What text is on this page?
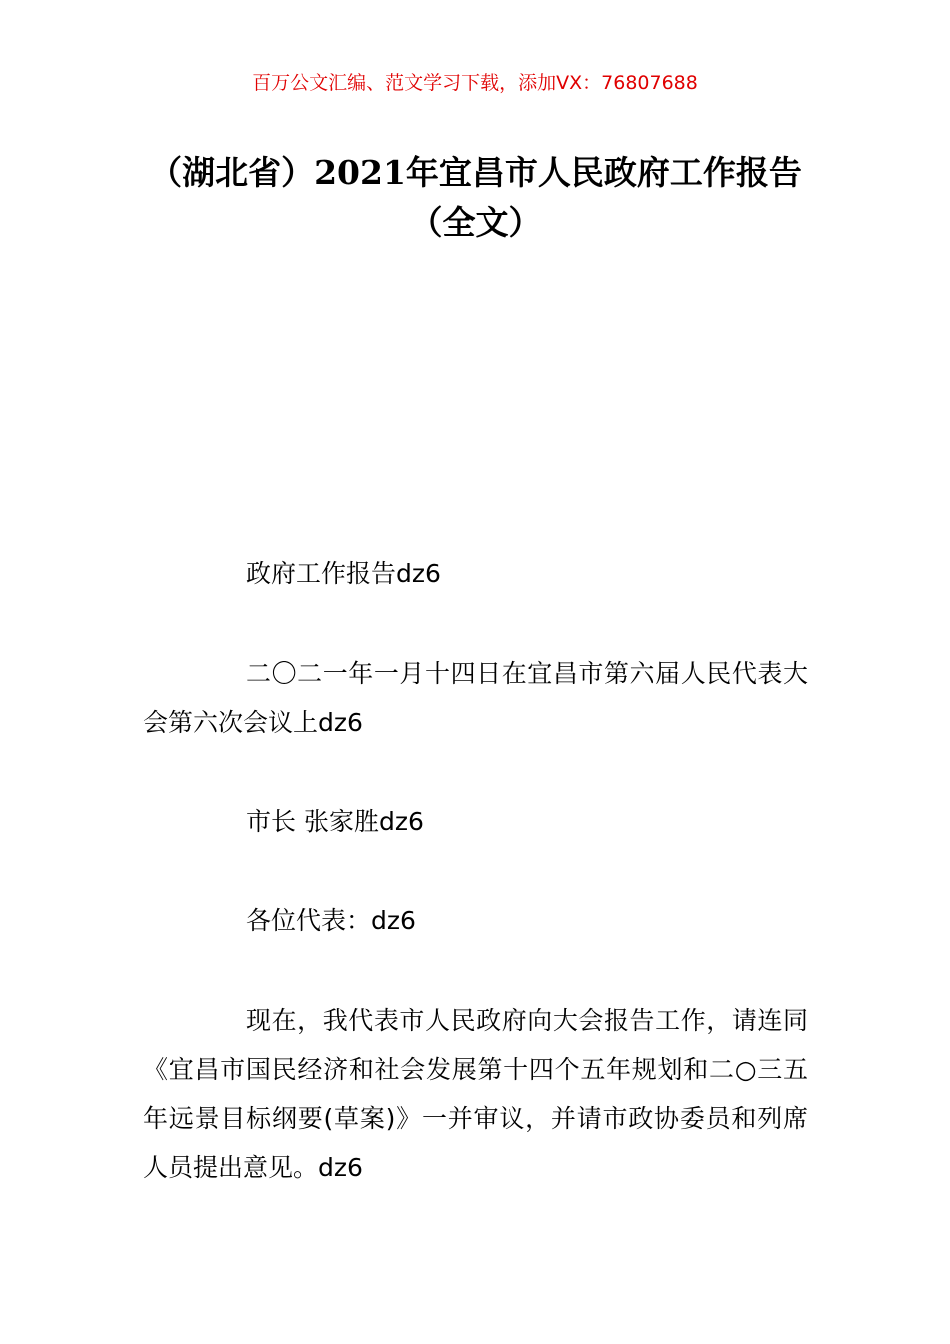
百万公文汇编、范文学习下载，添加VX：76807688
（湖北省）2021年宜昌市人民政府工作报告（全文）
政府工作报告dz6
二〇二一年一月十四日在宜昌市第六届人民代表大会第六次会议上dz6
市长 张家胜dz6
各位代表：dz6
现在，我代表市人民政府向大会报告工作，请连同《宜昌市国民经济和社会发展第十四个五年规划和二○三五年远景目标纲要(草案)》一并审议，并请市政协委员和列席人员提出意见。dz6
